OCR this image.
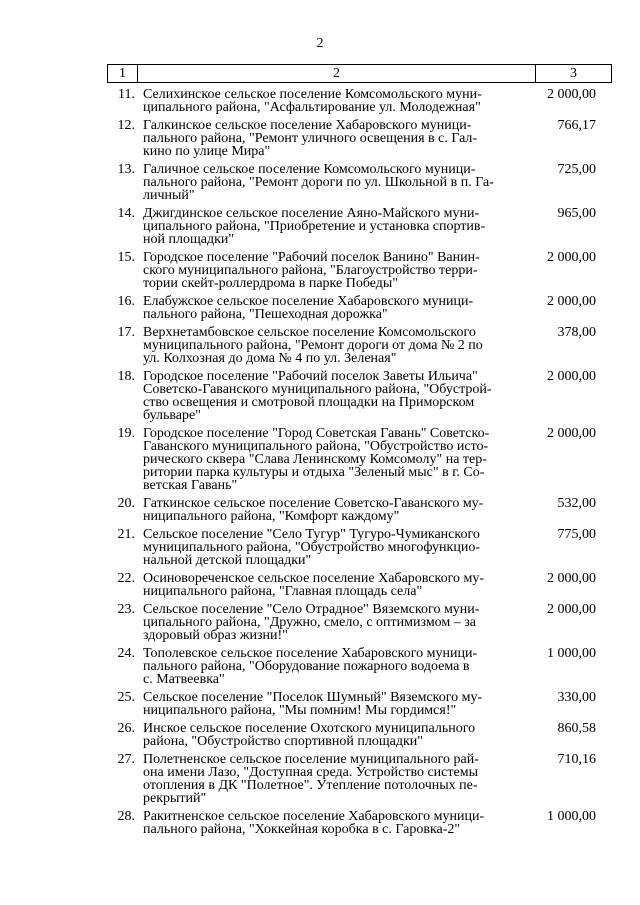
2
1	2	3
11. Селихинское сельское поселение Комсомольского муни-
ципального района, "Асфальтирование ул. Молодежная"
2 000,00
12. Галкинское сельское поселение Хабаровского муници-
пального района, "Ремонт уличного освещения в с. Гал-
кино по улице Мира"
766,17
13. Галичное сельское поселение Комсомольского муници-
пального района, "Ремонт дороги по ул. Школьной в п. Га-
личный"
725,00
14. Джигдинское сельское поселение Аяно-Майского муни-
ципального района, "Приобретение и установка спортив-
ной площадки"
965,00
15. Городское поселение "Рабочий поселок Ванино" Ванин-
ского муниципального района, "Благоустройство терри-
тории скейт-роллердрома в парке Победы"
2 000,00
16. Елабужское сельское поселение Хабаровского муници-
пального района, "Пешеходная дорожка"
2 000,00
17. Верхнетамбовское сельское поселение Комсомольского
муниципального района, "Ремонт дороги от дома № 2 по
ул. Колхозная до дома № 4 по ул. Зеленая"
378,00
18. Городское поселение "Рабочий поселок Заветы Ильича"
Советско-Гаванского муниципального района, "Обустрой-
ство освещения и смотровой площадки на Приморском
бульваре"
2 000,00
19. Городское поселение "Город Советская Гавань" Советско-
Гаванского муниципального района, "Обустройство исто-
рического сквера "Слава Ленинскому Комсомолу" на тер-
ритории парка культуры и отдыха "Зеленый мыс" в г. Со-
ветская Гавань"
2 000,00
20. Гаткинское сельское поселение Советско-Гаванского му-
ниципального района, "Комфорт каждому"
532,00
21. Сельское поселение "Село Тугур" Тугуро-Чумиканского
муниципального района, "Обустройство многофункцио-
нальной детской площадки"
775,00
22. Осиновореченское сельское поселение Хабаровского му-
ниципального района, "Главная площадь села"
2 000,00
23. Сельское поселение "Село Отрадное" Вяземского муни-
ципального района, "Дружно, смело, с оптимизмом – за
здоровый образ жизни!"
2 000,00
24. Тополевское сельское поселение Хабаровского муници-
пального района, "Оборудование пожарного водоема в
с. Матвеевка"
1 000,00
25. Сельское поселение "Поселок Шумный" Вяземского му-
ниципального района, "Мы помним! Мы гордимся!"
330,00
26. Инское сельское поселение Охотского муниципального
района, "Обустройство спортивной площадки"
860,58
27. Полетненское сельское поселение муниципального рай-
она имени Лазо, "Доступная среда. Устройство системы
отопления в ДК "Полетное". Утепление потолочных пе-
рекрытий"
710,16
28. Ракитненское сельское поселение Хабаровского муници-
пального района, "Хоккейная коробка в с. Гаровка-2"
1 000,00
